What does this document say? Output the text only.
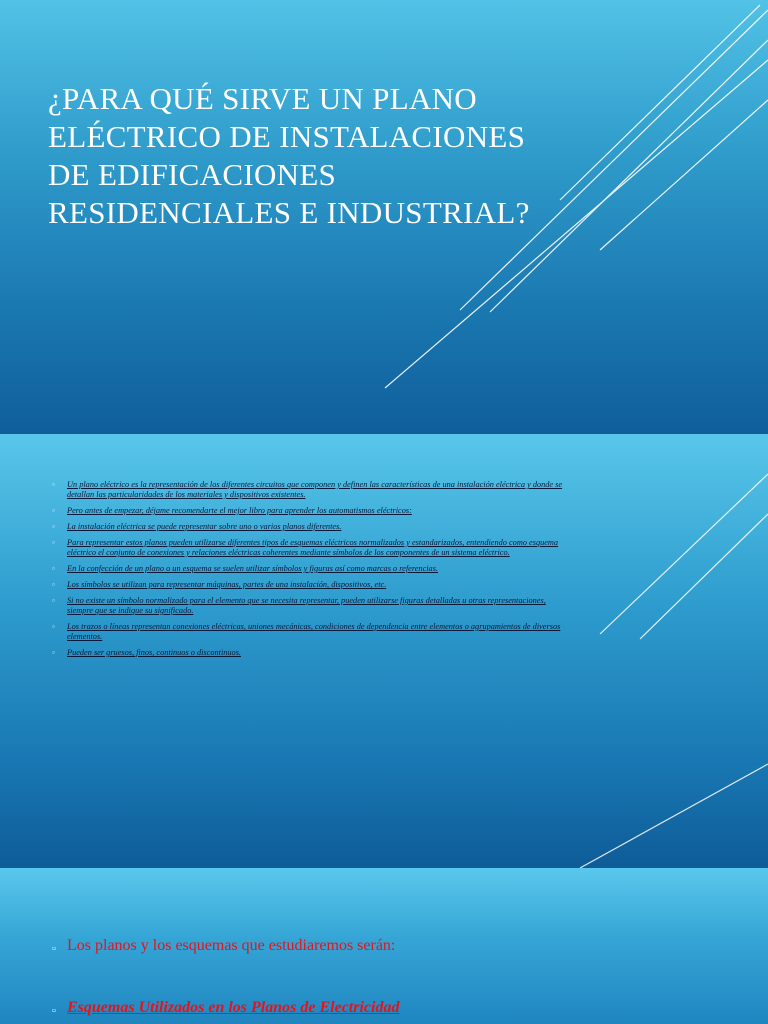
¿PARA QUÉ SIRVE UN PLANO ELÉCTRICO DE INSTALACIONES DE EDIFICACIONES RESIDENCIALES E INDUSTRIAL?
▫ Un plano eléctrico es la representación de los diferentes circuitos que componen y definen las características de una instalación eléctrica y donde se detallan las particularidades de los materiales y dispositivos existentes.
▫ Pero antes de empezar, déjame recomendarte el mejor libro para aprender los automatismos eléctricos:
▫ La instalación eléctrica se puede representar sobre uno o varios planos diferentes.
▫ Para representar estos planos pueden utilizarse diferentes tipos de esquemas eléctricos normalizados y estandarizados, entendiendo como esquema eléctrico el conjunto de conexiones y relaciones eléctricas coherentes mediante símbolos de los componentes de un sistema eléctrico.
▫ En la confección de un plano o un esquema se suelen utilizar símbolos y figuras así como marcas o referencias.
▫ Los símbolos se utilizan para representar máquinas, partes de una instalación, dispositivos, etc.
▫ Si no existe un símbolo normalizado para el elemento que se necesita representar, pueden utilizarse figuras detalladas u otras representaciones, siempre que se indique su significado.
▫ Los trazos o líneas representan conexiones eléctricas, uniones mecánicas, condiciones de dependencia entre elementos o agrupamientos de diversos elementos.
▫ Pueden ser gruesos, finos, continuos o discontinuos.
▫ Los planos y los esquemas que estudiaremos serán:
▫ Esquemas Utilizados en los Planos de Electricidad
